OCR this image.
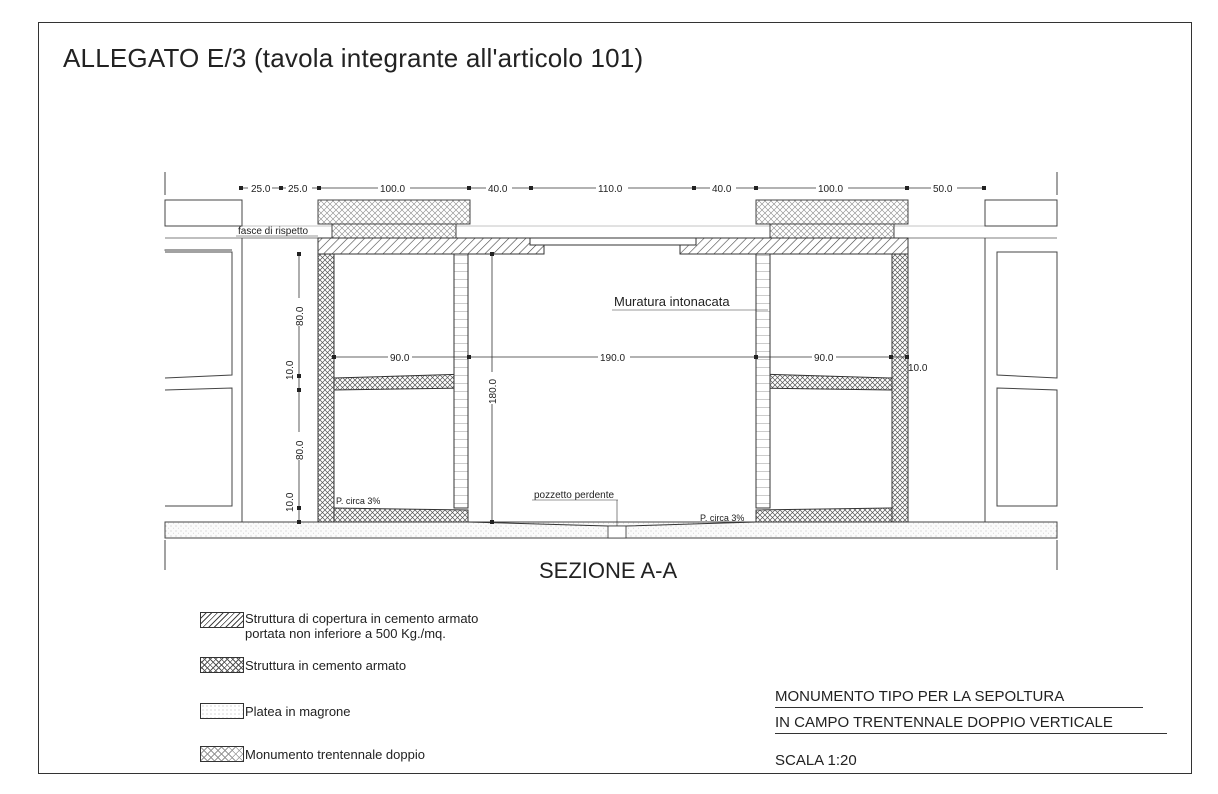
ALLEGATO E/3 (tavola integrante all'articolo 101)
25.0 25.0	100.0	40.0	110.0	40.0	100.0	50.0
90.0	190.0	90.0
10.0
80.0
10.0
80.0
10.0
180.0
fasce di rispetto
Muratura intonacata
pozzetto perdente
P. circa 3%
P. circa 3%
SEZIONE A-A
Struttura di copertura in cemento armato
portata non inferiore a 500 Kg./mq.
Struttura in cemento armato
Platea in magrone
Monumento trentennale doppio
MONUMENTO TIPO PER LA SEPOLTURA
IN CAMPO TRENTENNALE DOPPIO VERTICALE
SCALA 1:20
